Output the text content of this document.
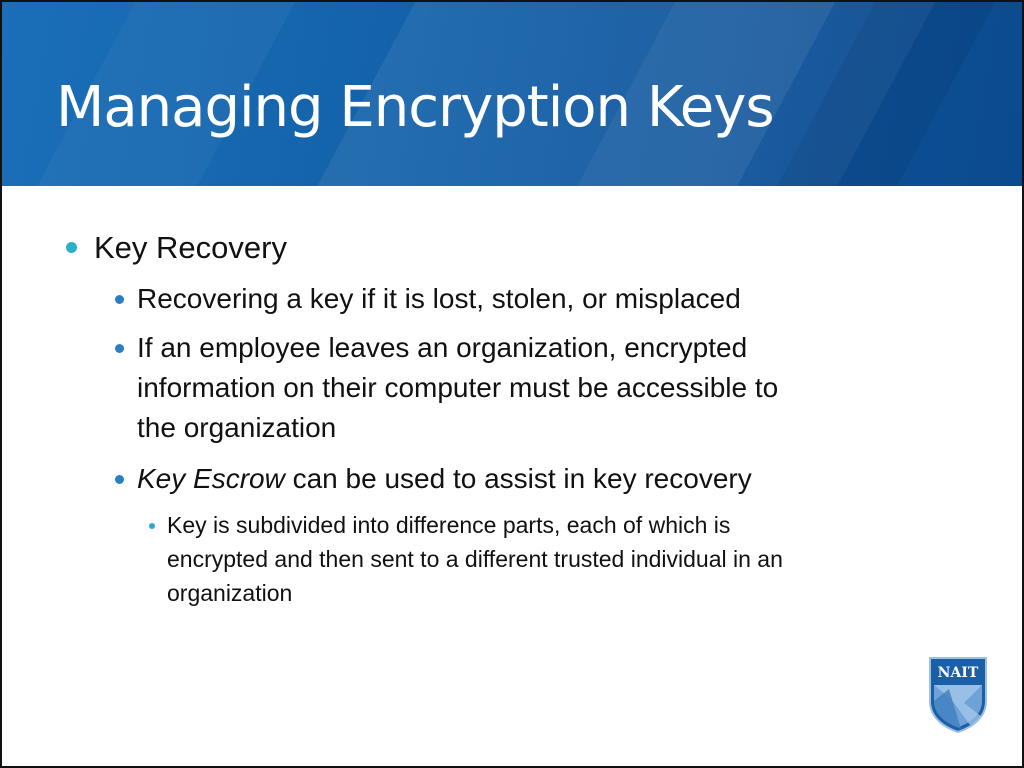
Managing Encryption Keys
Key Recovery
Recovering a key if it is lost, stolen, or misplaced
If an employee leaves an organization, encrypted
information on their computer must be accessible to
the organization
Key Escrow can be used to assist in key recovery
Key is subdivided into difference parts, each of which is
encrypted and then sent to a different trusted individual in an
organization
NAIT
